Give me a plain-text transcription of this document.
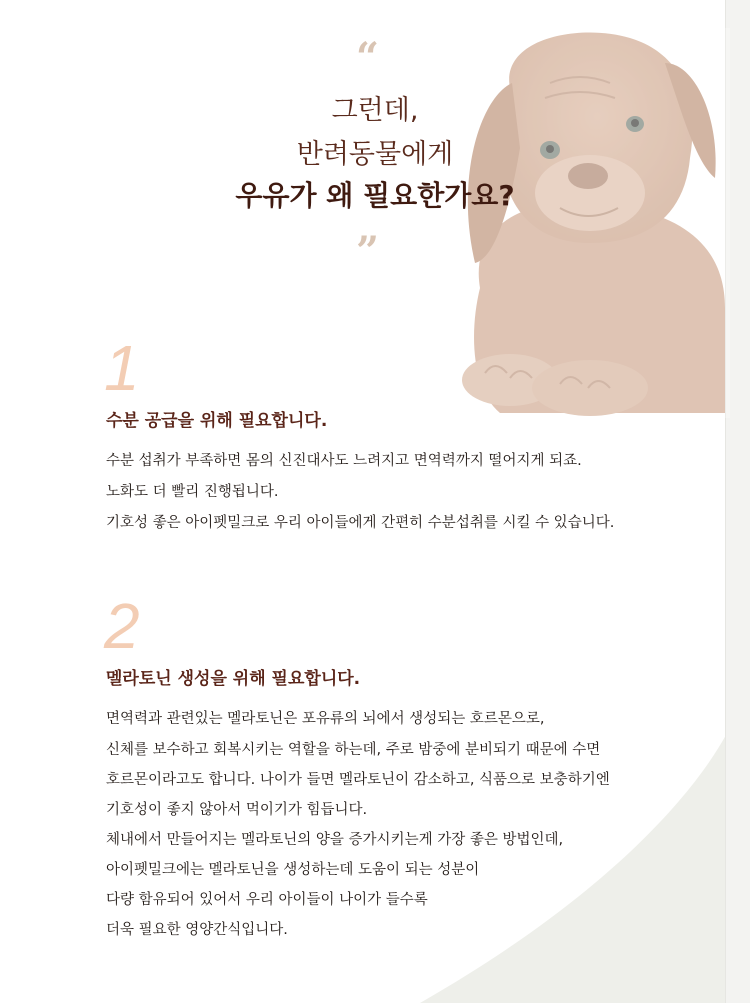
“
그런데,
반려동물에게
우유가 왜 필요한가요?
”
1
수분 공급을 위해 필요합니다.
수분 섭취가 부족하면 몸의 신진대사도 느려지고 면역력까지 떨어지게 되죠.
노화도 더 빨리 진행됩니다.
기호성 좋은 아이펫밀크로 우리 아이들에게 간편히 수분섭취를 시킬 수 있습니다.
2
멜라토닌 생성을 위해 필요합니다.
면역력과 관련있는 멜라토닌은 포유류의 뇌에서 생성되는 호르몬으로,
신체를 보수하고 회복시키는 역할을 하는데, 주로 밤중에 분비되기 때문에 수면
호르몬이라고도 합니다. 나이가 들면 멜라토닌이 감소하고, 식품으로 보충하기엔
기호성이 좋지 않아서 먹이기가 힘듭니다.
체내에서 만들어지는 멜라토닌의 양을 증가시키는게 가장 좋은 방법인데,
아이펫밀크에는 멜라토닌을 생성하는데 도움이 되는 성분이
다량 함유되어 있어서 우리 아이들이 나이가 들수록
더욱 필요한 영양간식입니다.
